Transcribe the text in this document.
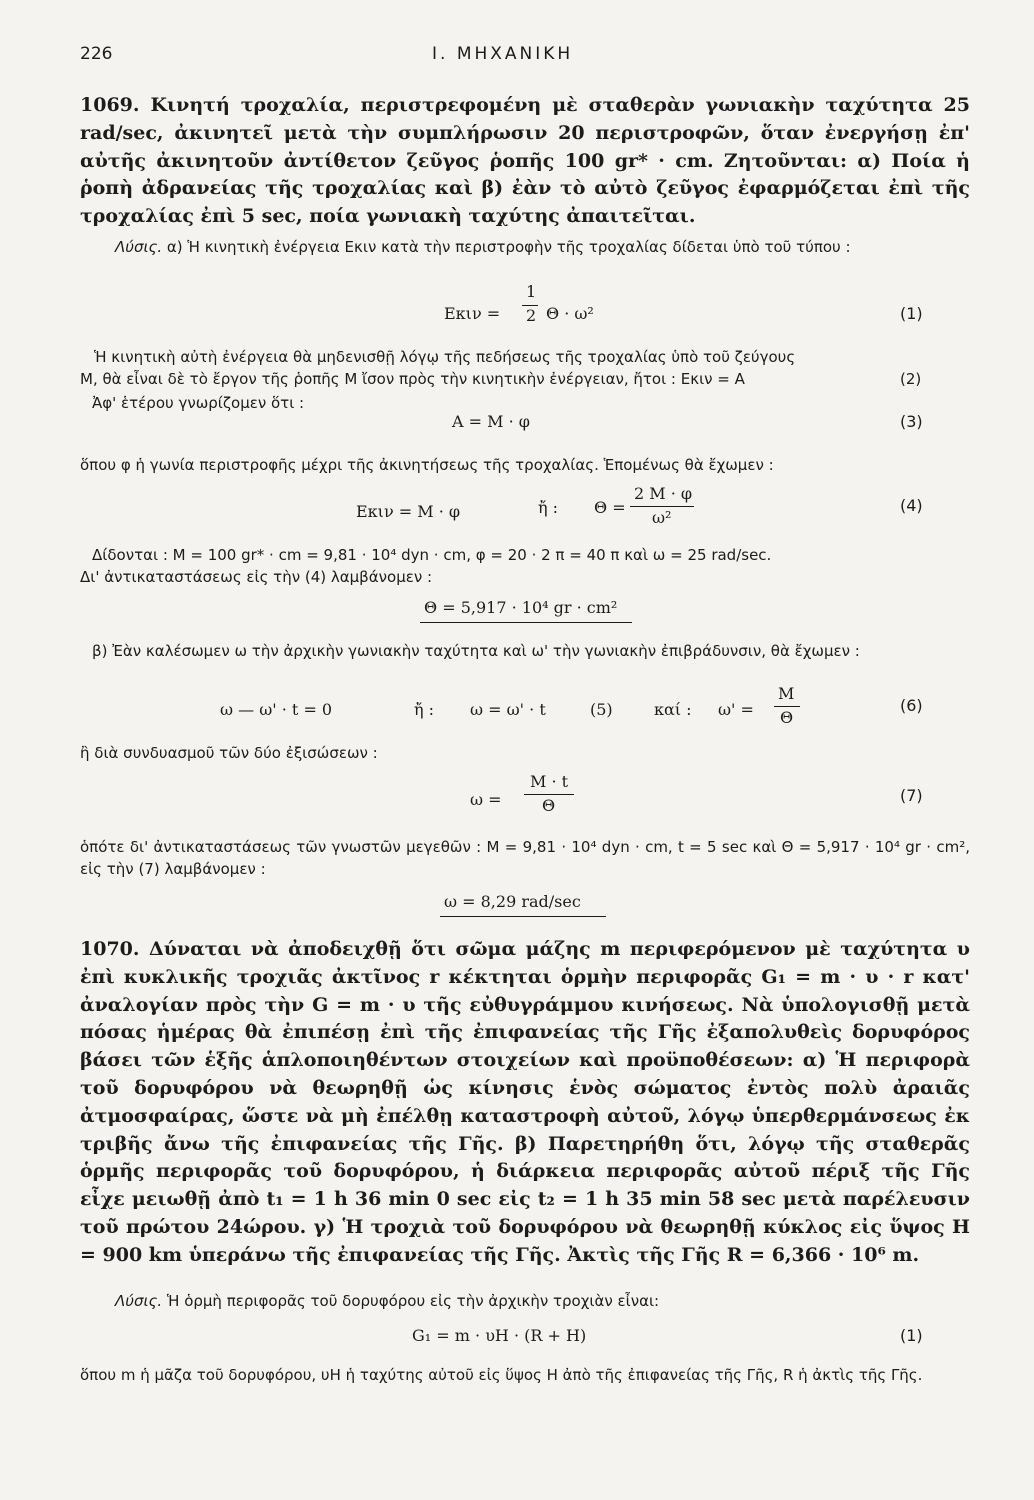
226	Ι. ΜΗΧΑΝΙΚΗ
1069. Κινητή τροχαλία, περιστρεφομένη μὲ σταθερὰν γωνιακὴν ταχύτητα 25 rad/sec, ἀκινητεῖ μετὰ τὴν συμπλήρωσιν 20 περιστροφῶν, ὅταν ἐνεργήσῃ ἐπ' αὐτῆς ἀκινητοῦν ἀντίθετον ζεῦγος ῥοπῆς 100 gr* · cm. Ζητοῦνται: α) Ποία ἡ ῥοπὴ ἀδρανείας τῆς τροχαλίας καὶ β) ἐὰν τὸ αὐτὸ ζεῦγος ἐφαρμόζεται ἐπὶ τῆς τροχαλίας ἐπὶ 5 sec, ποία γωνιακὴ ταχύτης ἀπαιτεῖται.
Λύσις. α) Ἡ κινητικὴ ἐνέργεια Eκιν κατὰ τὴν περιστροφὴν τῆς τροχαλίας δίδεται ὑπὸ τοῦ τύπου :
Eκιν =
1
2 Θ · ω²	(1)
Ἡ κινητικὴ αὐτὴ ἐνέργεια θὰ μηδενισθῇ λόγῳ τῆς πεδήσεως τῆς τροχαλίας ὑπὸ τοῦ ζεύγους
M, θὰ εἶναι δὲ τὸ ἔργον τῆς ῥοπῆς M ἴσον πρὸς τὴν κινητικὴν ἐνέργειαν, ἤτοι : Eκιν = A	(2)
Ἀφ' ἑτέρου γνωρίζομεν ὅτι :
A = M · φ	(3)
ὅπου φ ἡ γωνία περιστροφῆς μέχρι τῆς ἀκινητήσεως τῆς τροχαλίας. Ἑπομένως θὰ ἔχωμεν :
Eκιν = M · φ	ἤ : Θ =
2 M · φ
ω²
(4)
Δίδονται : M = 100 gr* · cm = 9,81 · 10⁴ dyn · cm, φ = 20 · 2 π = 40 π καὶ ω = 25 rad/sec.
Δι' ἀντικαταστάσεως εἰς τὴν (4) λαμβάνομεν :
Θ = 5,917 · 10⁴ gr · cm²
β) Ἐὰν καλέσωμεν ω τὴν ἀρχικὴν γωνιακὴν ταχύτητα καὶ ω' τὴν γωνιακὴν ἐπιβράδυνσιν, θὰ ἔχωμεν :
ω — ω' · t = 0	ἤ : ω = ω' · t	(5)	καί : ω' =
M
Θ
(6)
ἢ διὰ συνδυασμοῦ τῶν δύο ἐξισώσεων :
ω =
M · t
Θ
(7)
ὁπότε δι' ἀντικαταστάσεως τῶν γνωστῶν μεγεθῶν : M = 9,81 · 10⁴ dyn · cm, t = 5 sec καὶ Θ = 5,917 · 10⁴ gr · cm², εἰς τὴν (7) λαμβάνομεν :
ω = 8,29 rad/sec
1070. Δύναται νὰ ἀποδειχθῇ ὅτι σῶμα μάζης m περιφερόμενον μὲ ταχύτητα υ ἐπὶ κυκλικῆς τροχιᾶς ἀκτῖνος r κέκτηται ὁρμὴν περιφορᾶς G₁ = m · υ · r κατ' ἀναλογίαν πρὸς τὴν G = m · υ τῆς εὐθυγράμμου κινήσεως. Νὰ ὑπολογισθῇ μετὰ πόσας ἡμέρας θὰ ἐπιπέσῃ ἐπὶ τῆς ἐπιφανείας τῆς Γῆς ἐξαπολυθεὶς δορυφόρος βάσει τῶν ἑξῆς ἁπλοποιηθέντων στοιχείων καὶ προϋποθέσεων: α) Ἡ περιφορὰ τοῦ δορυφόρου νὰ θεωρηθῇ ὡς κίνησις ἑνὸς σώματος ἐντὸς πολὺ ἀραιᾶς ἀτμοσφαίρας, ὥστε νὰ μὴ ἐπέλθῃ καταστροφὴ αὐτοῦ, λόγῳ ὑπερθερμάνσεως ἐκ τριβῆς ἄνω τῆς ἐπιφανείας τῆς Γῆς. β) Παρετηρήθη ὅτι, λόγῳ τῆς σταθερᾶς ὁρμῆς περιφορᾶς τοῦ δορυφόρου, ἡ διάρκεια περιφορᾶς αὐτοῦ πέριξ τῆς Γῆς εἶχε μειωθῇ ἀπὸ t₁ = 1 h 36 min 0 sec εἰς t₂ = 1 h 35 min 58 sec μετὰ παρέλευσιν τοῦ πρώτου 24ώρου. γ) Ἡ τροχιὰ τοῦ δορυφόρου νὰ θεωρηθῇ κύκλος εἰς ὕψος H = 900 km ὑπεράνω τῆς ἐπιφανείας τῆς Γῆς. Ἀκτὶς τῆς Γῆς R = 6,366 · 10⁶ m.
Λύσις. Ἡ ὁρμὴ περιφορᾶς τοῦ δορυφόρου εἰς τὴν ἀρχικὴν τροχιὰν εἶναι:
G₁ = m · υH · (R + H)	(1)
ὅπου m ἡ μᾶζα τοῦ δορυφόρου, υH ἡ ταχύτης αὐτοῦ εἰς ὕψος H ἀπὸ τῆς ἐπιφανείας τῆς Γῆς, R ἡ ἀκτὶς τῆς Γῆς.
